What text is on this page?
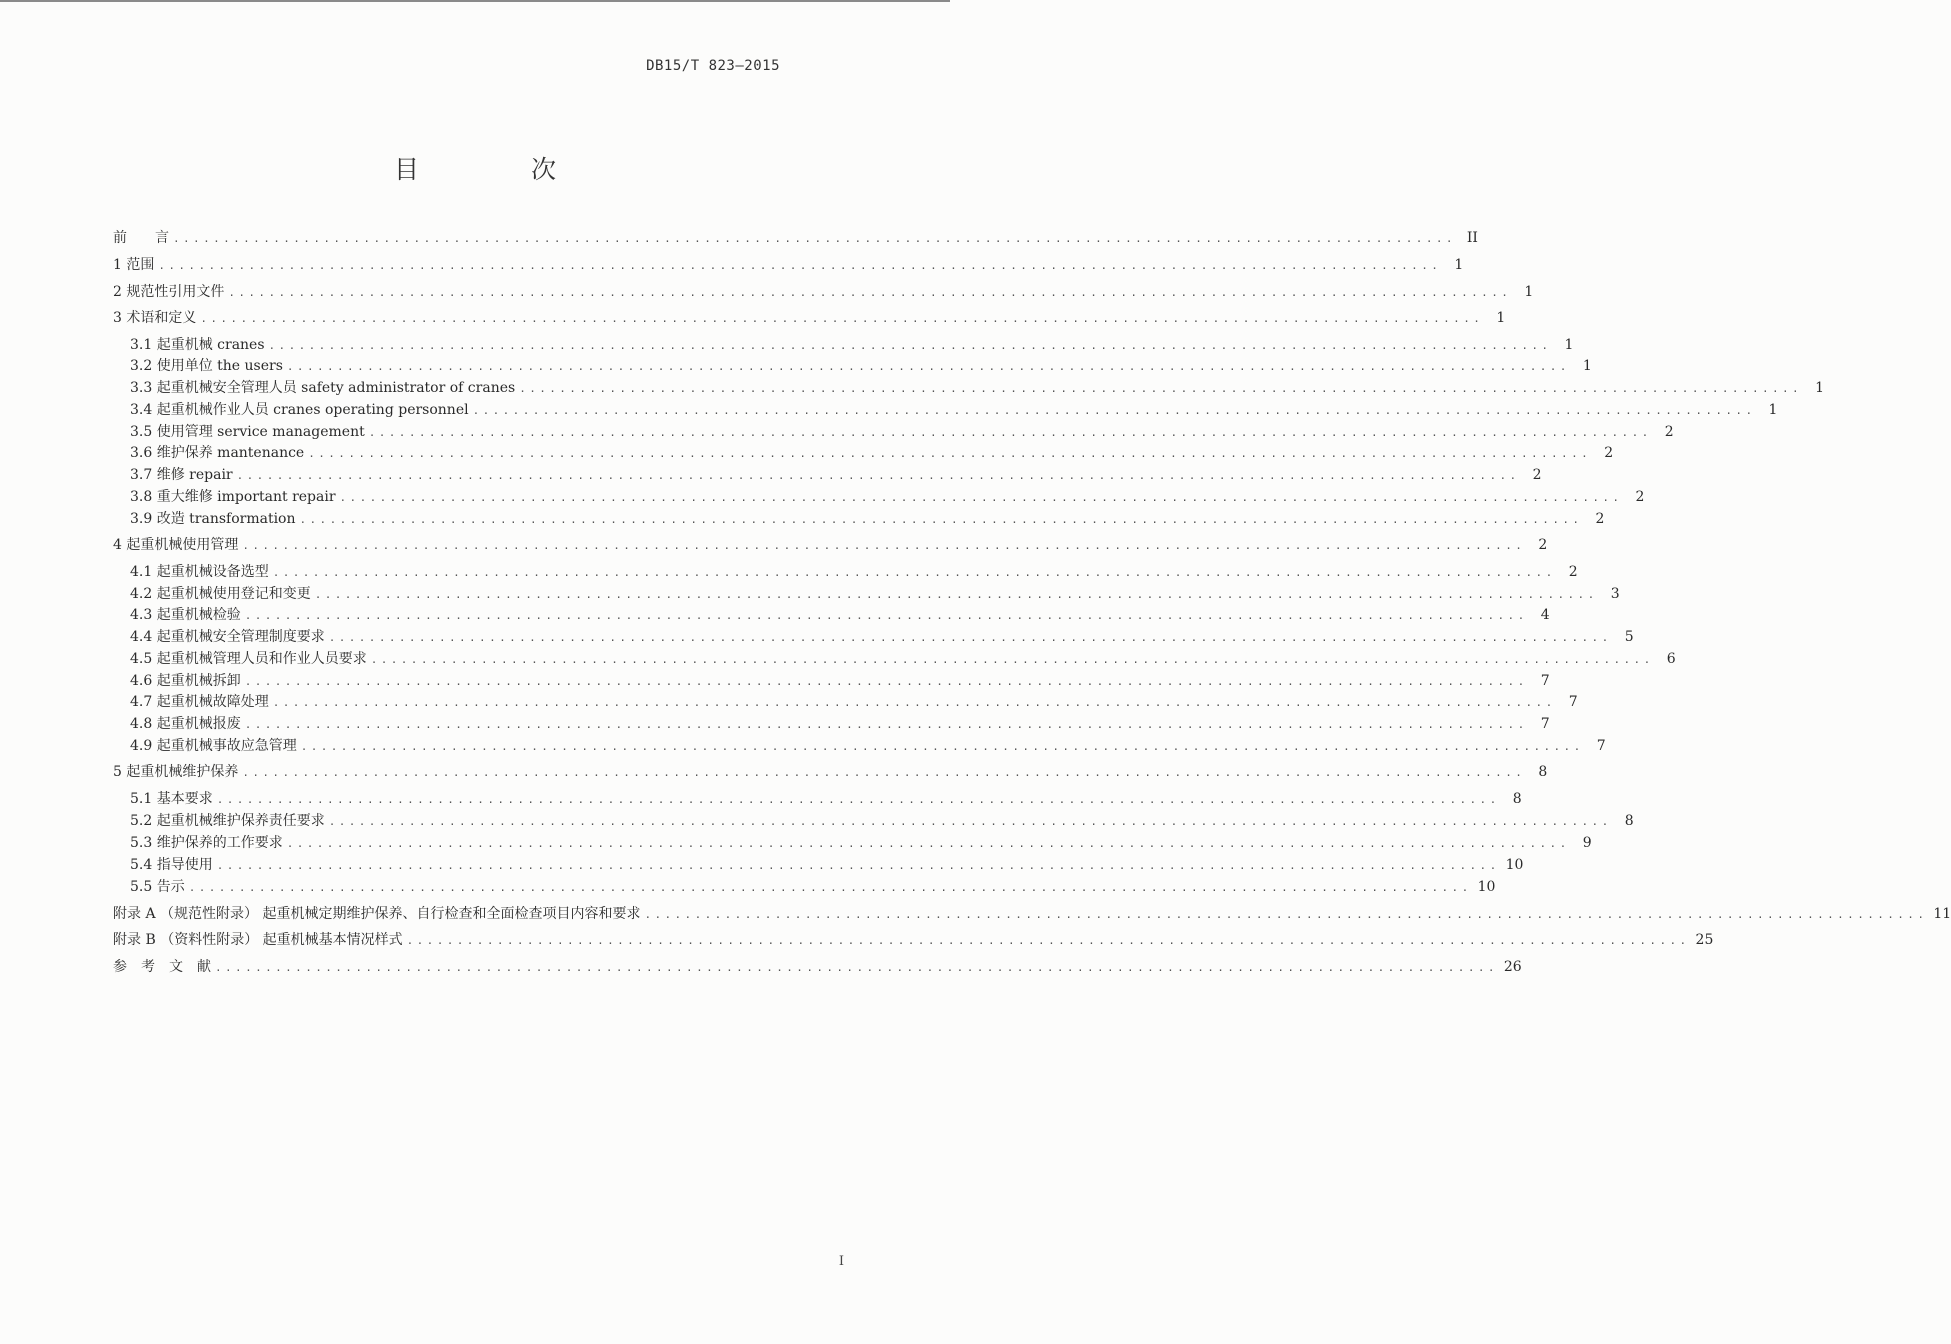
DB15/T 823—2015
目 次
前　　言 ................................................................................................................................ II
1 范围 ................................................................................................................................ 1
2 规范性引用文件 ................................................................................................................................ 1
3 术语和定义 ................................................................................................................................ 1
3.1 起重机械 cranes ................................................................................................................................ 1
3.2 使用单位 the users ................................................................................................................................ 1
3.3 起重机械安全管理人员 safety administrator of cranes ................................................................................................................................ 1
3.4 起重机械作业人员 cranes operating personnel ................................................................................................................................ 1
3.5 使用管理 service management ................................................................................................................................ 2
3.6 维护保养 mantenance ................................................................................................................................ 2
3.7 维修 repair ................................................................................................................................ 2
3.8 重大维修 important repair ................................................................................................................................ 2
3.9 改造 transformation ................................................................................................................................ 2
4 起重机械使用管理 ................................................................................................................................ 2
4.1 起重机械设备选型 ................................................................................................................................ 2
4.2 起重机械使用登记和变更 ................................................................................................................................ 3
4.3 起重机械检验 ................................................................................................................................ 4
4.4 起重机械安全管理制度要求 ................................................................................................................................ 5
4.5 起重机械管理人员和作业人员要求 ................................................................................................................................ 6
4.6 起重机械拆卸 ................................................................................................................................ 7
4.7 起重机械故障处理 ................................................................................................................................ 7
4.8 起重机械报废 ................................................................................................................................ 7
4.9 起重机械事故应急管理 ................................................................................................................................ 7
5 起重机械维护保养 ................................................................................................................................ 8
5.1 基本要求 ................................................................................................................................ 8
5.2 起重机械维护保养责任要求 ................................................................................................................................ 8
5.3 维护保养的工作要求 ................................................................................................................................ 9
5.4 指导使用 ................................................................................................................................ 10
5.5 告示 ................................................................................................................................ 10
附录 A （规范性附录） 起重机械定期维护保养、自行检查和全面检查项目内容和要求 ................................................................................................................................ 11
附录 B （资料性附录） 起重机械基本情况样式 ................................................................................................................................ 25
参　考　文　献 ................................................................................................................................ 26
I
